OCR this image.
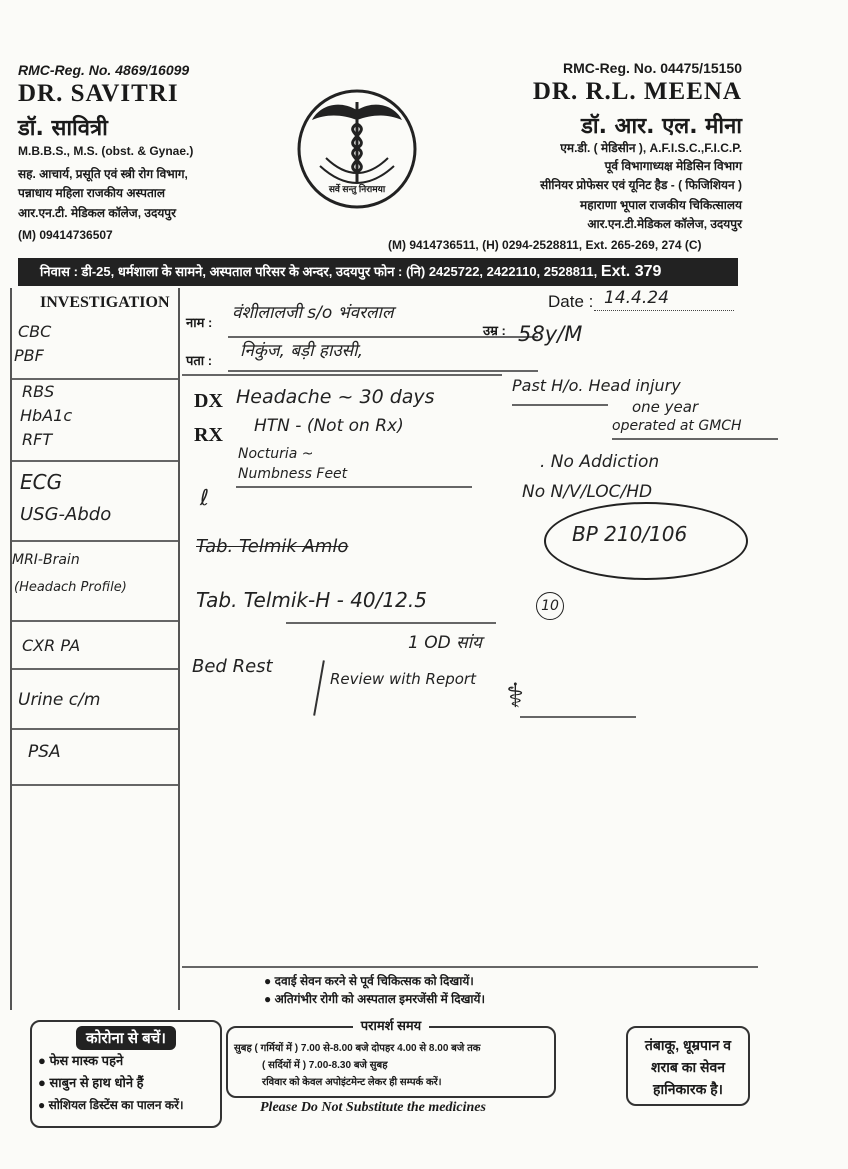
RMC-Reg. No. 4869/16099
DR. SAVITRI
डॉ. सावित्री
M.B.B.S., M.S. (obst. & Gynae.)
सह. आचार्य, प्रसूति एवं स्त्री रोग विभाग,
पन्नाधाय महिला राजकीय अस्पताल
आर.एन.टी. मेडिकल कॉलेज, उदयपुर
(M) 09414736507
सर्वे सन्तु निरामया
RMC-Reg. No. 04475/15150
DR. R.L. MEENA
डॉ. आर. एल. मीना
एम.डी. ( मेडिसीन ), A.F.I.S.C.,F.I.C.P.
पूर्व विभागाध्यक्ष मेडिसिन विभाग
सीनियर प्रोफेसर एवं यूनिट हैड - ( फिजिशियन )
महाराणा भूपाल राजकीय चिकित्सालय
आर.एन.टी.मेडिकल कॉलेज, उदयपुर
(M) 9414736511, (H) 0294-2528811, Ext. 265-269, 274 (C)
निवास : डी-25, धर्मशाला के सामने, अस्पताल परिसर के अन्दर, उदयपुर फोन : (नि) 2425722, 2422110, 2528811, Ext. 379
INVESTIGATION
नाम :
पता :
उम्र :
Date :
वंशीलालजी s/o भंवरलाल
58y/M
14.4.24
निकुंज, बड़ी हाउसी,
CBC
PBF
RBS
HbA1c
RFT
ECG
USG-Abdo
MRI-Brain
(Headach Profile)
CXR PA
Urine c/m
PSA
DX
RX
Headache ~ 30 days
HTN - (Not on Rx)
Nocturia ~
Numbness Feet
ℓ
Past H/o. Head injury
one year
operated at GMCH
. No Addiction
No N/V/LOC/HD
BP 210/106
Tab. Telmik Amlo
Tab. Telmik-H - 40/12.5
1 OD सांय
10
Bed Rest
Review with Report ⚕
● दवाई सेवन करने से पूर्व चिकित्सक को दिखायें।
● अतिगंभीर रोगी को अस्पताल इमरजेंसी में दिखायें।
कोरोना से बचें।
● फेस मास्क पहने
● साबुन से हाथ धोने हैं
● सोशियल डिस्टेंस का पालन करें।
परामर्श समय
सुबह ( गर्मियों में ) 7.00 से-8.00 बजे दोपहर 4.00 से 8.00 बजे तक
( सर्दियों में ) 7.00-8.30 बजे सुबह
रविवार को केवल अपोइंटमेन्ट लेकर ही सम्पर्क करें।
Please Do Not Substitute the medicines
तंबाकू, धूम्रपान व शराब का सेवन हानिकारक है।
